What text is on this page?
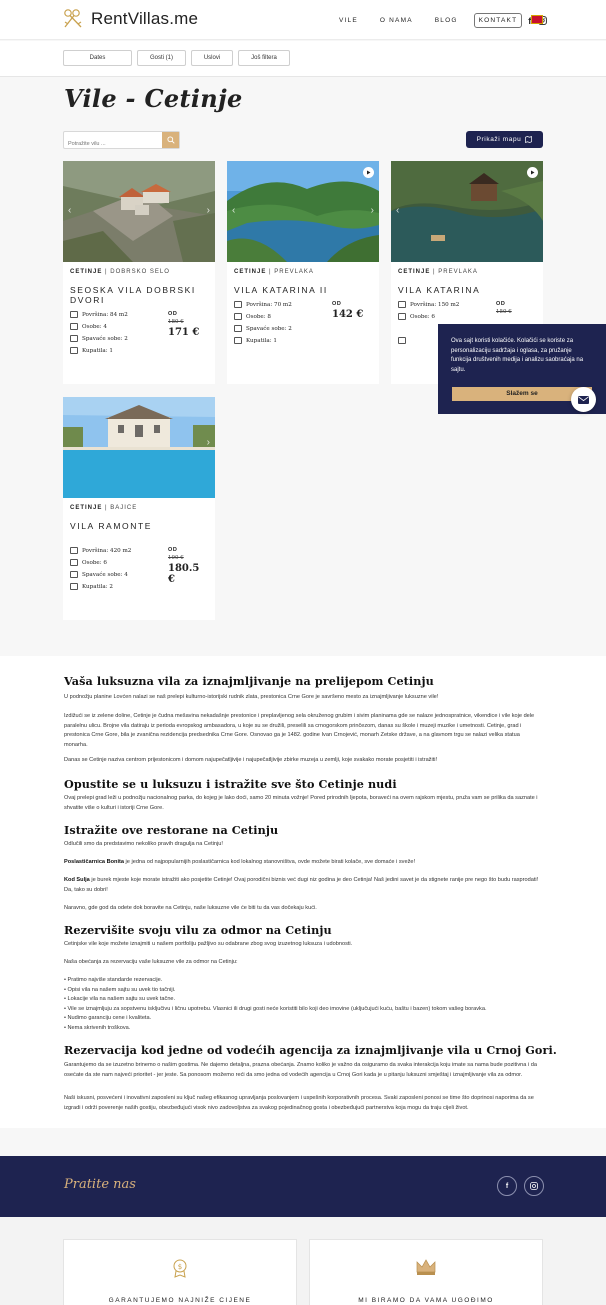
RentVillas.me	VILE	O NAMA	BLOG	KONTAKT	f
Dates	Gosti (1)	Uslovi	Još filtera
Vile - Cetinje
Potražite vilu ...
Prikaži mapu
‹	›
CETINJE | DOBRSKO SELO
SEOSKA VILA DOBRSKI DVORI
Površina:
84 m2
Osobe:
4
Spavaće sobe:
2
Kupatila:
1
OD
180 €
171 €
‹	›
CETINJE | PREVLAKA
VILA KATARINA II
Površina:
70 m2
Osobe:
8
Spavaće sobe:
2
Kupatila:
1
OD
142 €
‹
CETINJE | PREVLAKA
VILA KATARINA
Površina:
150 m2
Osobe:
6
OD
150 €
›
CETINJE | BAJICE
VILA RAMONTE
Površina:
420 m2
Osobe:
6
Spavaće sobe:
4
Kupatila:
2
OD
190 €
180.5 €
Ova sajt koristi kolačiće. Kolačići se koriste za personalizaciju sadržaja i oglasa, za pružanje funkcija društvenih medija i analizu saobraćaja na sajtu.
Slažem se
Vaša luksuzna vila za iznajmljivanje na prelijepom Cetinju

U podnožju planine Lovćen nalazi se naš prelepi kulturno-istorijski rudnik zlata, prestonica Crne Gore je savršeno mesto za iznajmljivanje luksuzne vile!

Izdižući se iz zelene doline, Cetinje je čudna mešavina nekadašnje prestonice i preplavljenog sela okruženog grubim i sivim planinama gde se nalaze jednospratnice, vikendice i vile koje dele paralelnu ulicu. Brojne vila datiraju iz perioda evropskog ambasadora, u koje su se družili, preselili sa crnogorskom prinčezom, danas su škole i muzeji muzike i umetnosti. Cetinje, grad i prestonica Crne Gore, bila je zvanična rezidencija predsednika Crne Gore. Osnovao ga je 1482. godine Ivan Crnojević, monarh Zetske države, a na glavnom trgu se nalazi velika statua monarha.

Danas se Cetinje naziva centrom prijestonicom i domom najupečatljivije i najupečatljivije zbirke muzeja u zemlji, koje svakako morate posjetiti i istražiti!

Opustite se u luksuzu i istražite sve što Cetinje nudi

Ovaj prelepi grad leži u podnožju nacionalnog parka, do kojeg je lako doći, samo 20 minuta vožnje! Pored prirodnih ljepota, boraveći na ovem rajskom mjestu, pruža vam se prilika da saznate i shvatite više o kulturi i istoriji Crne Gore.

Istražite ove restorane na Cetinju

Odlučili smo da predstavimo nekoliko pravih dragulja na Cetinju!

Poslastičarnica Bonita je jedna od najpopularnijih poslastičarnica kod lokalnog stanovništva, ovde možete birati kolače, sve domaće i sveže!

Kod Sulja je burek mjeste koje morate istražiti ako posjetite Cetinje! Ovaj porodični biznis već dugi niz godina je deo Cetinja! Naš jedini savet je da stignete ranije pre nego što budu rasprodati! Da, tako su dobri!

Naravno, gde god da odete dok boravite na Cetinju, naše luksuzne vile će biti tu da vas dočekaju kući.

Rezervišite svoju vilu za odmor na Cetinju

Cetinjske vile koje možete iznajmiti u našem portfoliju pažljivo su odabrane zbog svog izuzetnog luksuza i udobnosti.

Naša obećanja za rezervaciju vaše luksuzne vile za odmor na Cetinju:

• Pratimo najviše standarde rezervacije.
• Opisi vila na našem sajtu su uvek tio tačniji.
• Lokacije vila na našem sajtu su uvek tačne.
• Vile se iznajmljuju za sopstvenu isključivu i ličnu upotrebu. Vlasnici ili drugi gosti neće koristiti bilo koji deo imovine (uključujući kuću, baštu i bazen) tokom vašeg boravka.
• Nudimo garanciju cene i kvaliteta.
• Nema skrivenih troškova.
Rezervacija kod jedne od vodećih agencija za iznajmljivanje vila u Crnoj Gori.

Garantujemo da se izuzetno brinemo o našim gostima. Ne dajemo detaljna, prazna obećanja. Znamo koliko je važno da osiguramo da svaka interakcija koju imate sa nama bude pozitivna i da osećate da ste nam najveći prioritet - jer jeste. Sa ponosom možemo reći da smo jedna od vodećih agencija u Crnoj Gori kada je u pitanju luksuzni smještaj i iznajmljivanje vila za odmor.

Naši iskusni, posvećeni i inovativni zaposleni su ključ našeg efikasnog upravljanja poslovanjem i uspešnih korporativnih procesa. Svaki zaposleni ponosi se time što doprinosi naporima da se izgradi i održi poverenje naših gostiju, obezbeđujući visok nivo zadovoljstva za svakog pojedinačnog gosta i obezbeđujući partnerstva koja mogu da traju cijeli život.

Pratite nas	f
$
GARANTUJEMO NAJNIŽE CIJENE	MI BIRAMO DA VAMA UGOĐIMO
